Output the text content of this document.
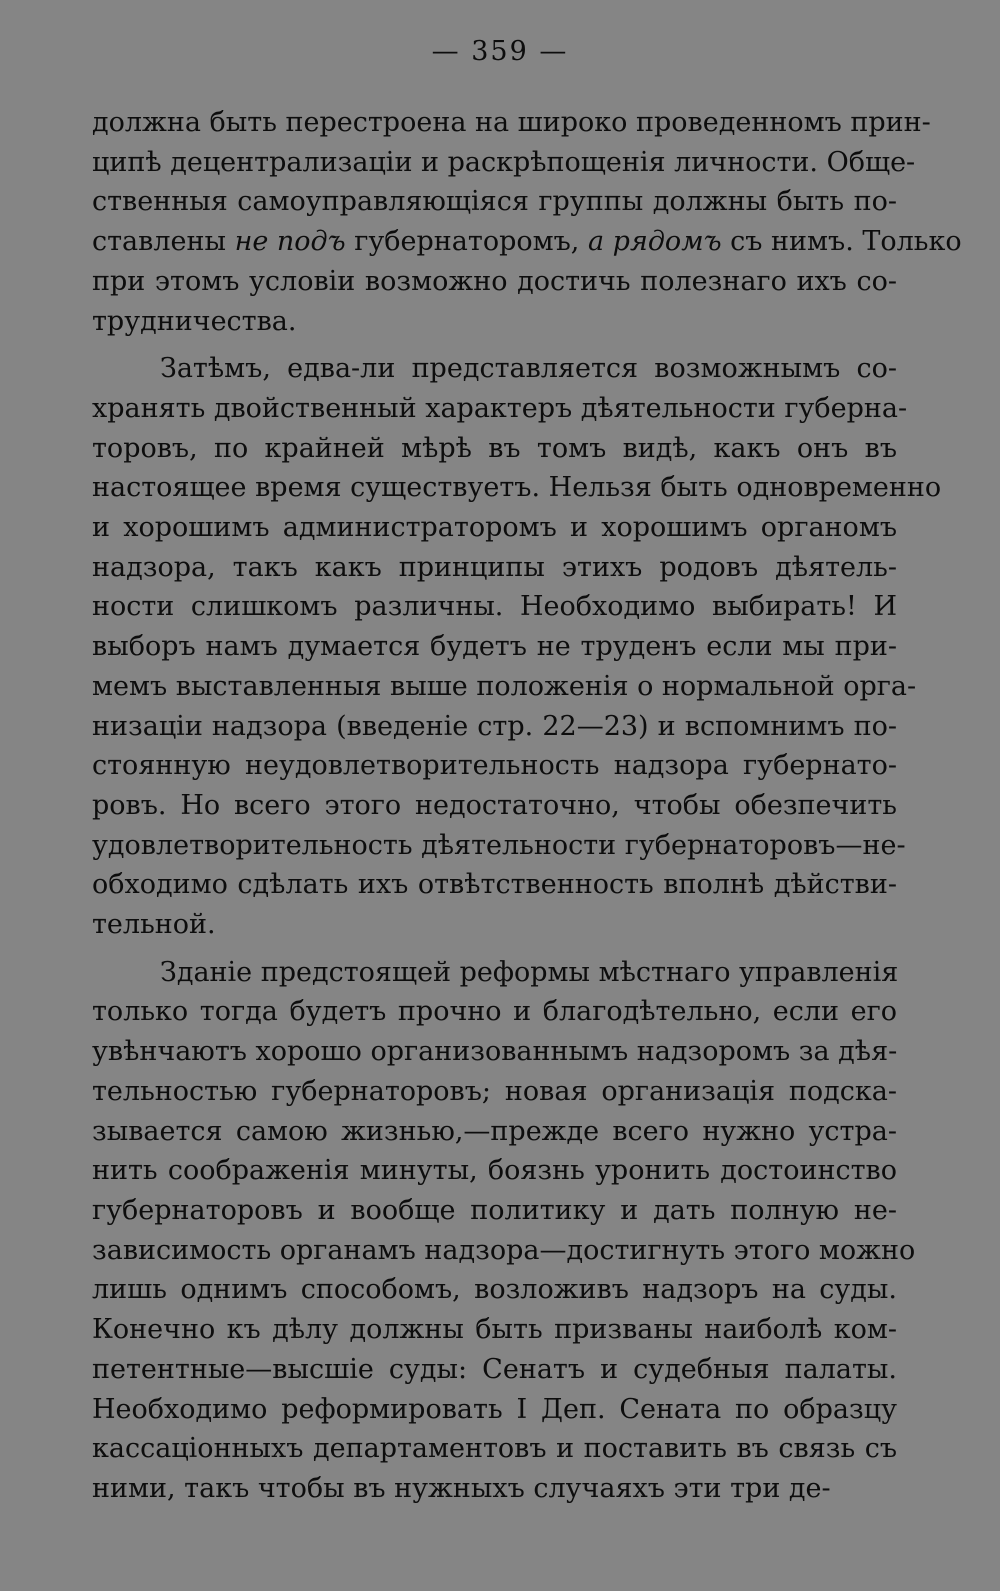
— 359 —

должна быть перестроена на широко проведенномъ прин-
ципѣ децентрализаціи и раскрѣпощенія личности. Обще-
ственныя самоуправляющіяся группы должны быть по-
ставлены не подъ губернаторомъ, а рядомъ съ нимъ. Только
при этомъ условіи возможно достичь полезнаго ихъ со-
трудничества.

Затѣмъ, едва-ли представляется возможнымъ со-
хранять двойственный характеръ дѣятельности губерна-
торовъ, по крайней мѣрѣ въ томъ видѣ, какъ онъ въ
настоящее время существуетъ. Нельзя быть одновременно
и хорошимъ администраторомъ и хорошимъ органомъ
надзора, такъ какъ принципы этихъ родовъ дѣятель-
ности слишкомъ различны. Необходимо выбирать! И
выборъ намъ думается будетъ не труденъ если мы при-
мемъ выставленныя выше положенія о нормальной орга-
низаціи надзора (введеніе стр. 22—23) и вспомнимъ по-
стоянную неудовлетворительность надзора губернато-
ровъ. Но всего этого недостаточно, чтобы обезпечить
удовлетворительность дѣятельности губернаторовъ—не-
обходимо сдѣлать ихъ отвѣтственность вполнѣ дѣйстви-
тельной.

Зданіе предстоящей реформы мѣстнаго управленія
только тогда будетъ прочно и благодѣтельно, если его
увѣнчаютъ хорошо организованнымъ надзоромъ за дѣя-
тельностью губернаторовъ; новая организація подска-
зывается самою жизнью,—прежде всего нужно устра-
нить соображенія минуты, боязнь уронить достоинство
губернаторовъ и вообще политику и дать полную не-
зависимость органамъ надзора—достигнуть этого можно
лишь однимъ способомъ, возложивъ надзоръ на суды.
Конечно къ дѣлу должны быть призваны наиболѣ ком-
петентные—высшіе суды: Сенатъ и судебныя палаты.
Необходимо реформировать I Деп. Сената по образцу
кассаціонныхъ департаментовъ и поставить въ связь съ
ними, такъ чтобы въ нужныхъ случаяхъ эти три де-
